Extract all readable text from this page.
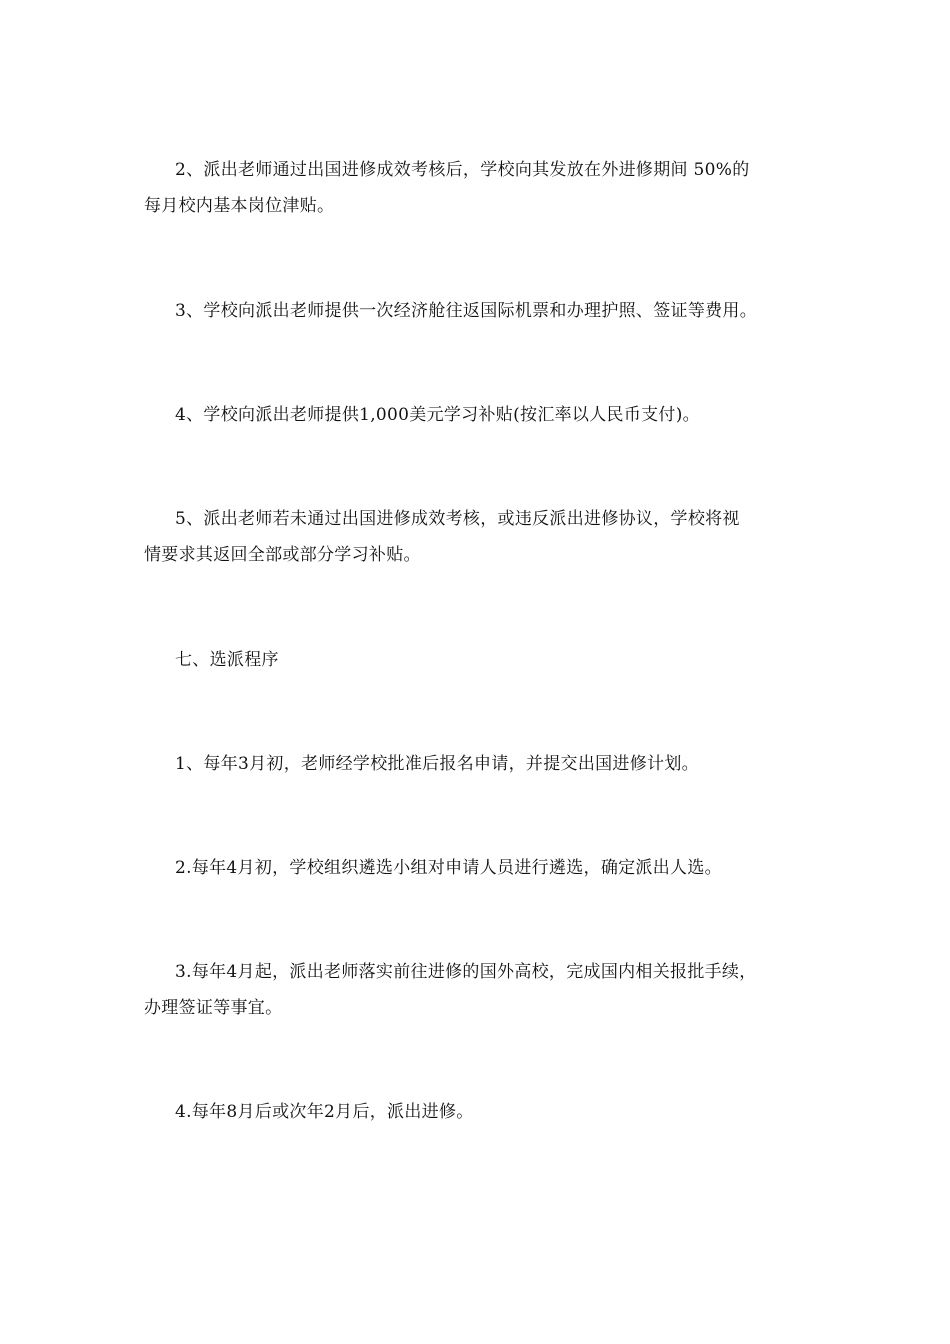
2、派出老师通过出国进修成效考核后，学校向其发放在外进修期间 50%的
每月校内基本岗位津贴。
3、学校向派出老师提供一次经济舱往返国际机票和办理护照、签证等费用。
4、学校向派出老师提供1,000美元学习补贴(按汇率以人民币支付)。
5、派出老师若未通过出国进修成效考核，或违反派出进修协议，学校将视
情要求其返回全部或部分学习补贴。
七、选派程序
1、每年3月初，老师经学校批准后报名申请，并提交出国进修计划。
2.每年4月初，学校组织遴选小组对申请人员进行遴选，确定派出人选。
3.每年4月起，派出老师落实前往进修的国外高校，完成国内相关报批手续，
办理签证等事宜。
4.每年8月后或次年2月后，派出进修。
